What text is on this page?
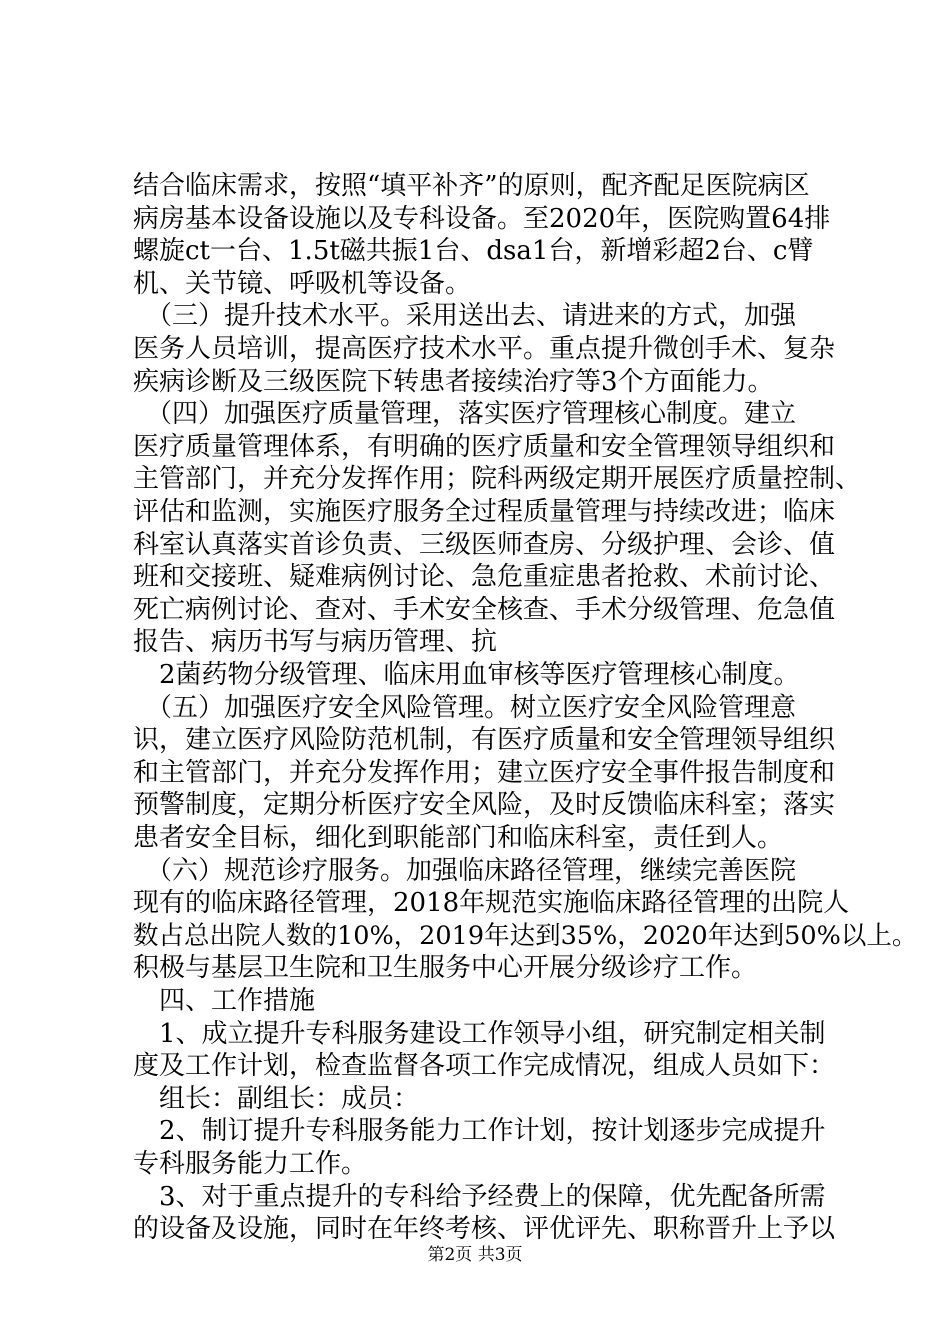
结合临床需求，按照“填平补齐”的原则，配齐配足医院病区
病房基本设备设施以及专科设备。至2020年，医院购置64排
螺旋ct一台、1.5t磁共振1台、dsa1台，新增彩超2台、c臂
机、关节镜、呼吸机等设备。
　（三）提升技术水平。采用送出去、请进来的方式，加强
医务人员培训，提高医疗技术水平。重点提升微创手术、复杂
疾病诊断及三级医院下转患者接续治疗等3个方面能力。
　（四）加强医疗质量管理，落实医疗管理核心制度。建立
医疗质量管理体系，有明确的医疗质量和安全管理领导组织和
主管部门，并充分发挥作用；院科两级定期开展医疗质量控制、
评估和监测，实施医疗服务全过程质量管理与持续改进；临床
科室认真落实首诊负责、三级医师查房、分级护理、会诊、值
班和交接班、疑难病例讨论、急危重症患者抢救、术前讨论、
死亡病例讨论、查对、手术安全核查、手术分级管理、危急值
报告、病历书写与病历管理、抗
　2菌药物分级管理、临床用血审核等医疗管理核心制度。
　（五）加强医疗安全风险管理。树立医疗安全风险管理意
识，建立医疗风险防范机制，有医疗质量和安全管理领导组织
和主管部门，并充分发挥作用；建立医疗安全事件报告制度和
预警制度，定期分析医疗安全风险，及时反馈临床科室；落实
患者安全目标，细化到职能部门和临床科室，责任到人。
　（六）规范诊疗服务。加强临床路径管理，继续完善医院
现有的临床路径管理，2018年规范实施临床路径管理的出院人
数占总出院人数的10%，2019年达到35%，2020年达到50%以上。
积极与基层卫生院和卫生服务中心开展分级诊疗工作。
　四、工作措施
　1、成立提升专科服务建设工作领导小组，研究制定相关制
度及工作计划，检查监督各项工作完成情况，组成人员如下：
　组长：副组长：成员：
　2、制订提升专科服务能力工作计划，按计划逐步完成提升
专科服务能力工作。
　3、对于重点提升的专科给予经费上的保障，优先配备所需
的设备及设施，同时在年终考核、评优评先、职称晋升上予以
第2页 共3页
